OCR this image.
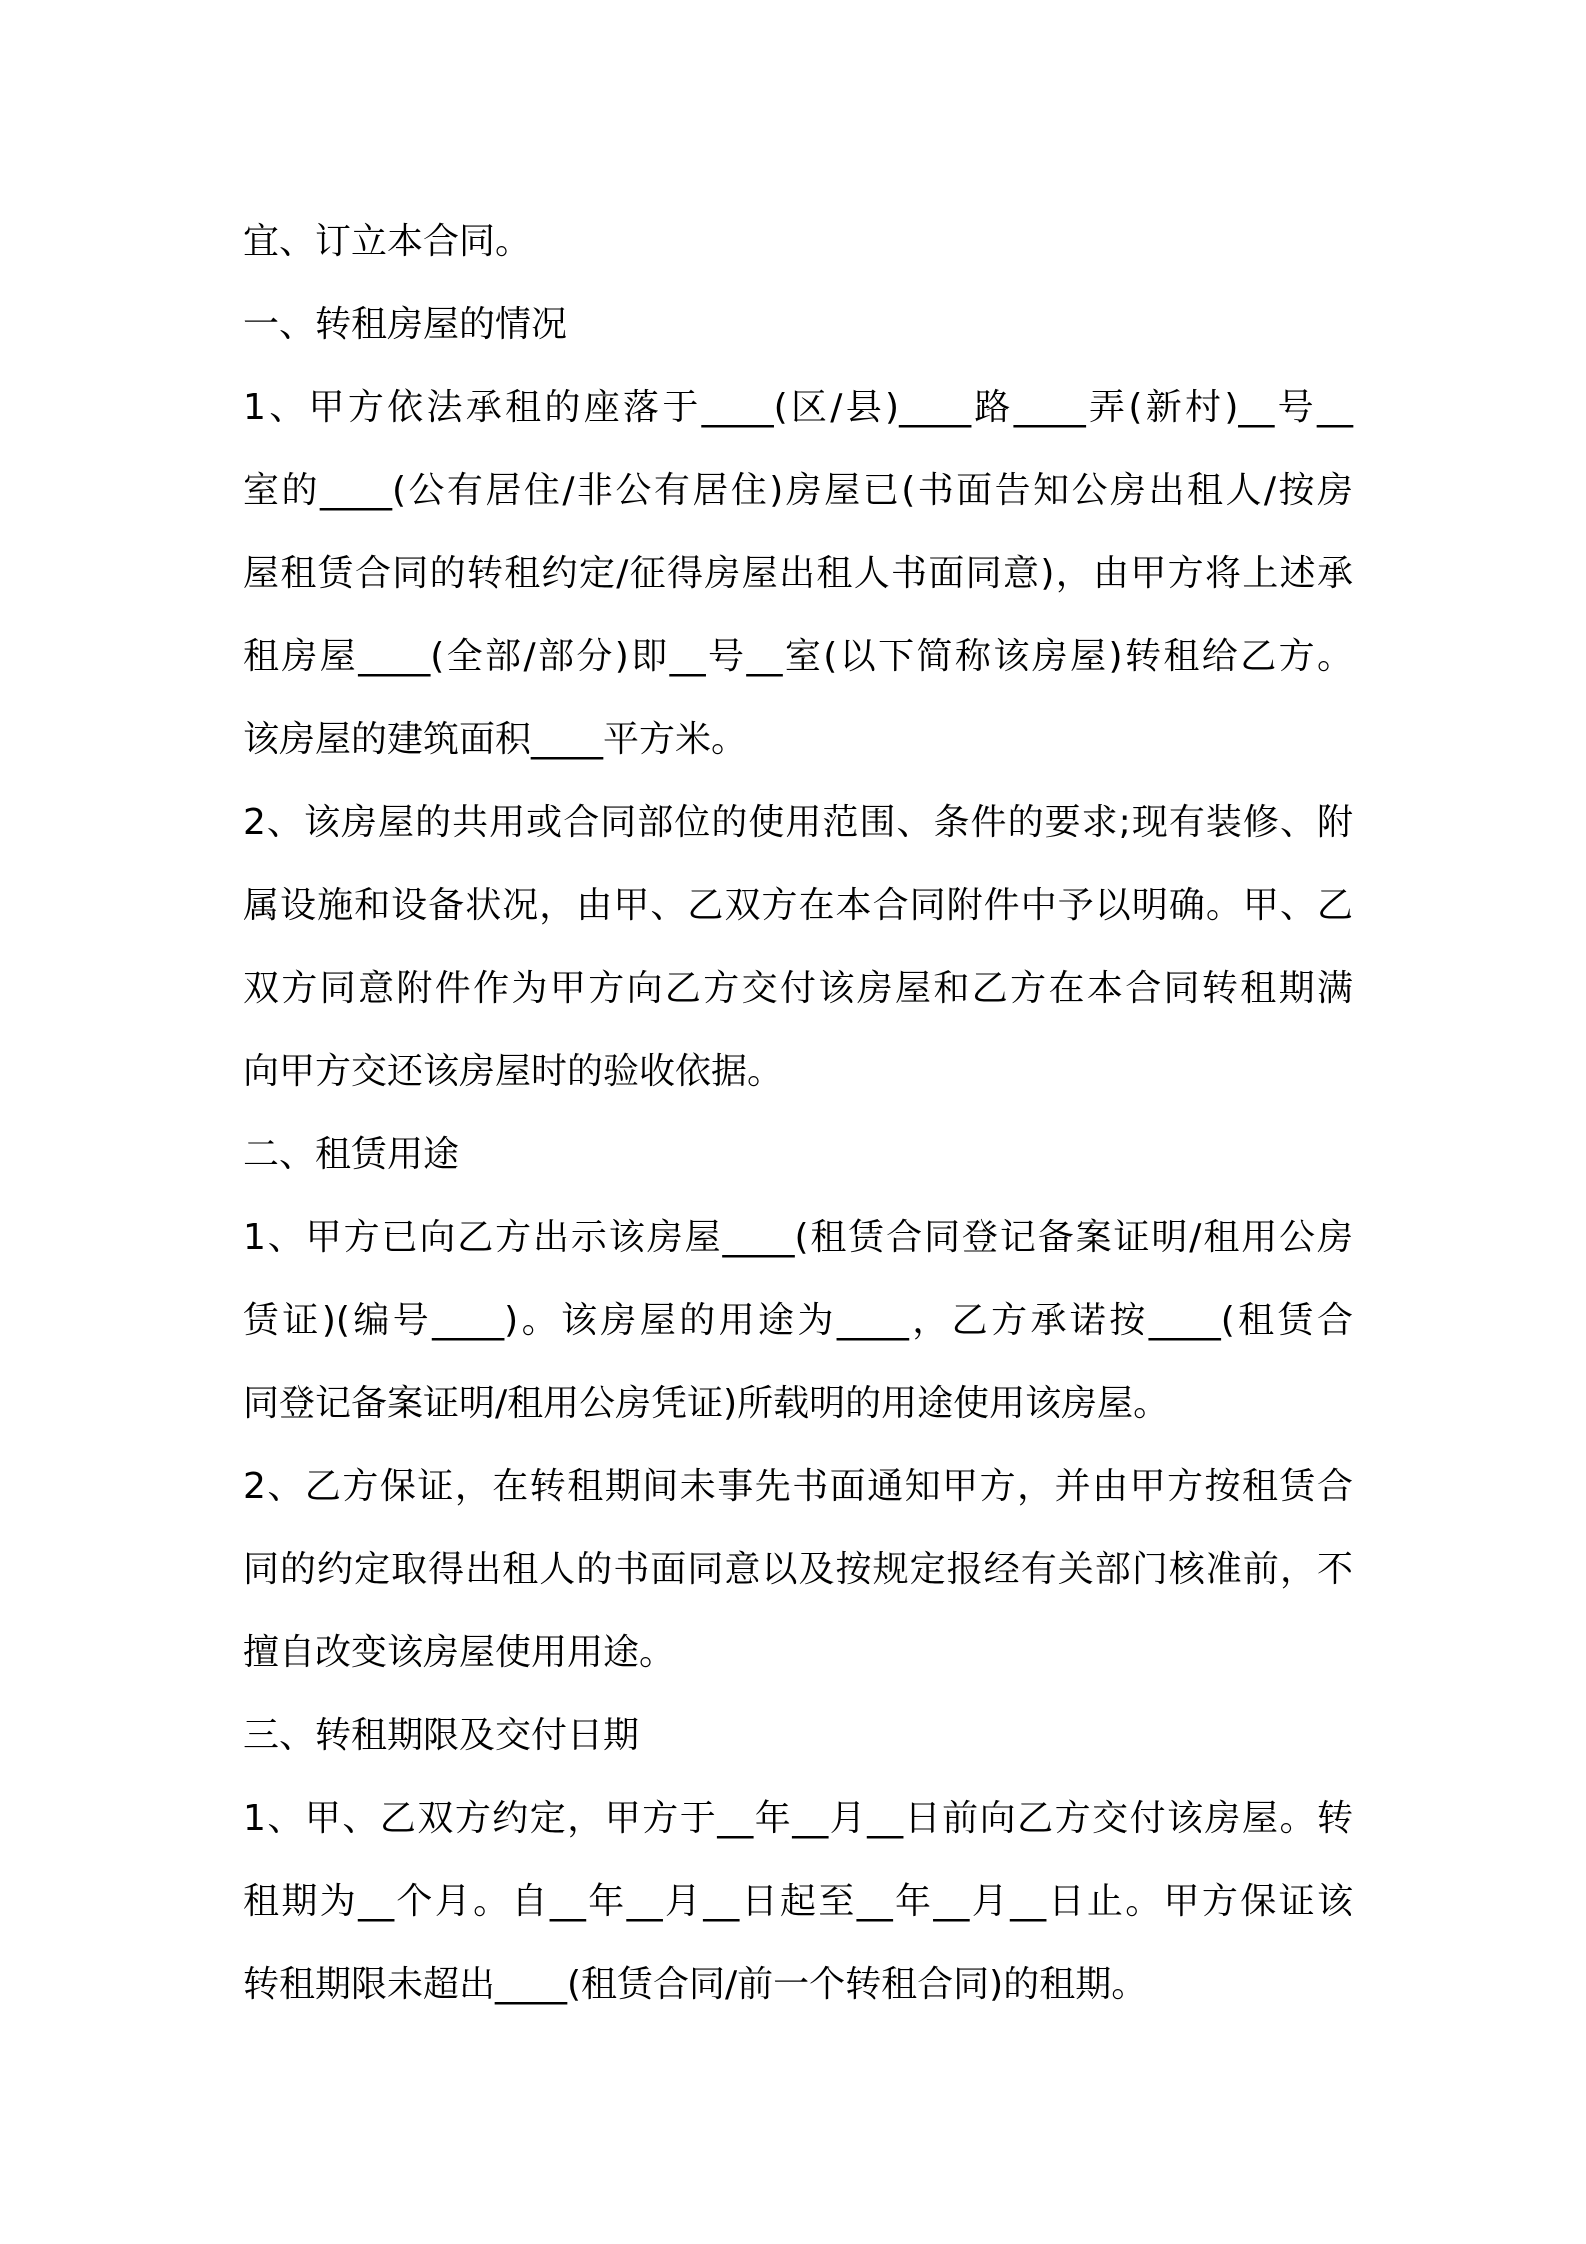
宜、订立本合同。
一、转租房屋的情况
1、甲方依法承租的座落于____(区/县)____路____弄(新村)__号__
室的____(公有居住/非公有居住)房屋已(书面告知公房出租人/按房
屋租赁合同的转租约定/征得房屋出租人书面同意)，由甲方将上述承
租房屋____(全部/部分)即__号__室(以下简称该房屋)转租给乙方。
该房屋的建筑面积____平方米。
2、该房屋的共用或合同部位的使用范围、条件的要求;现有装修、附
属设施和设备状况，由甲、乙双方在本合同附件中予以明确。甲、乙
双方同意附件作为甲方向乙方交付该房屋和乙方在本合同转租期满
向甲方交还该房屋时的验收依据。
二、租赁用途
1、甲方已向乙方出示该房屋____(租赁合同登记备案证明/租用公房
赁证)(编号____)。该房屋的用途为____，乙方承诺按____(租赁合
同登记备案证明/租用公房凭证)所载明的用途使用该房屋。
2、乙方保证，在转租期间未事先书面通知甲方，并由甲方按租赁合
同的约定取得出租人的书面同意以及按规定报经有关部门核准前，不
擅自改变该房屋使用用途。
三、转租期限及交付日期
1、甲、乙双方约定，甲方于__年__月__日前向乙方交付该房屋。转
租期为__个月。自__年__月__日起至__年__月__日止。甲方保证该
转租期限未超出____(租赁合同/前一个转租合同)的租期。
